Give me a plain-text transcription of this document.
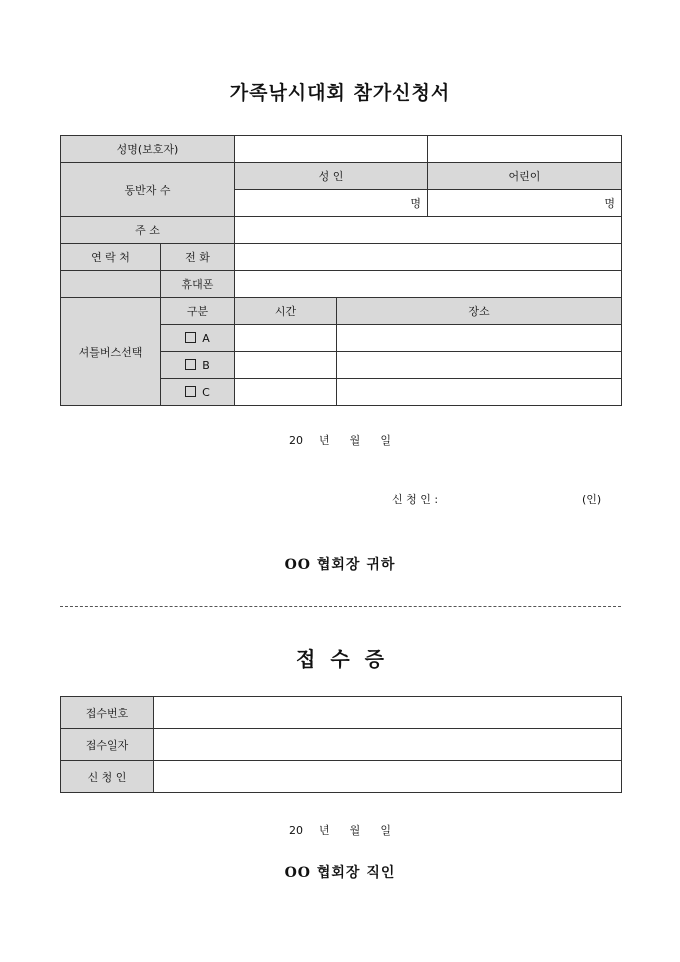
가족낚시대회 참가신청서
성명(보호자)				
동반자 수		성 인		어린이
		명		명
주 소				
연 락 처	전 화			
	휴대폰			
셔틀버스선택	구분	시간	장소	
	A			
	B			
	C			
20 년 월 일
신 청 인 :	(인)
OO 협회장 귀하
접 수 증
접수번호	
접수일자	
신 청 인	
20 년 월 일
OO 협회장 직인
